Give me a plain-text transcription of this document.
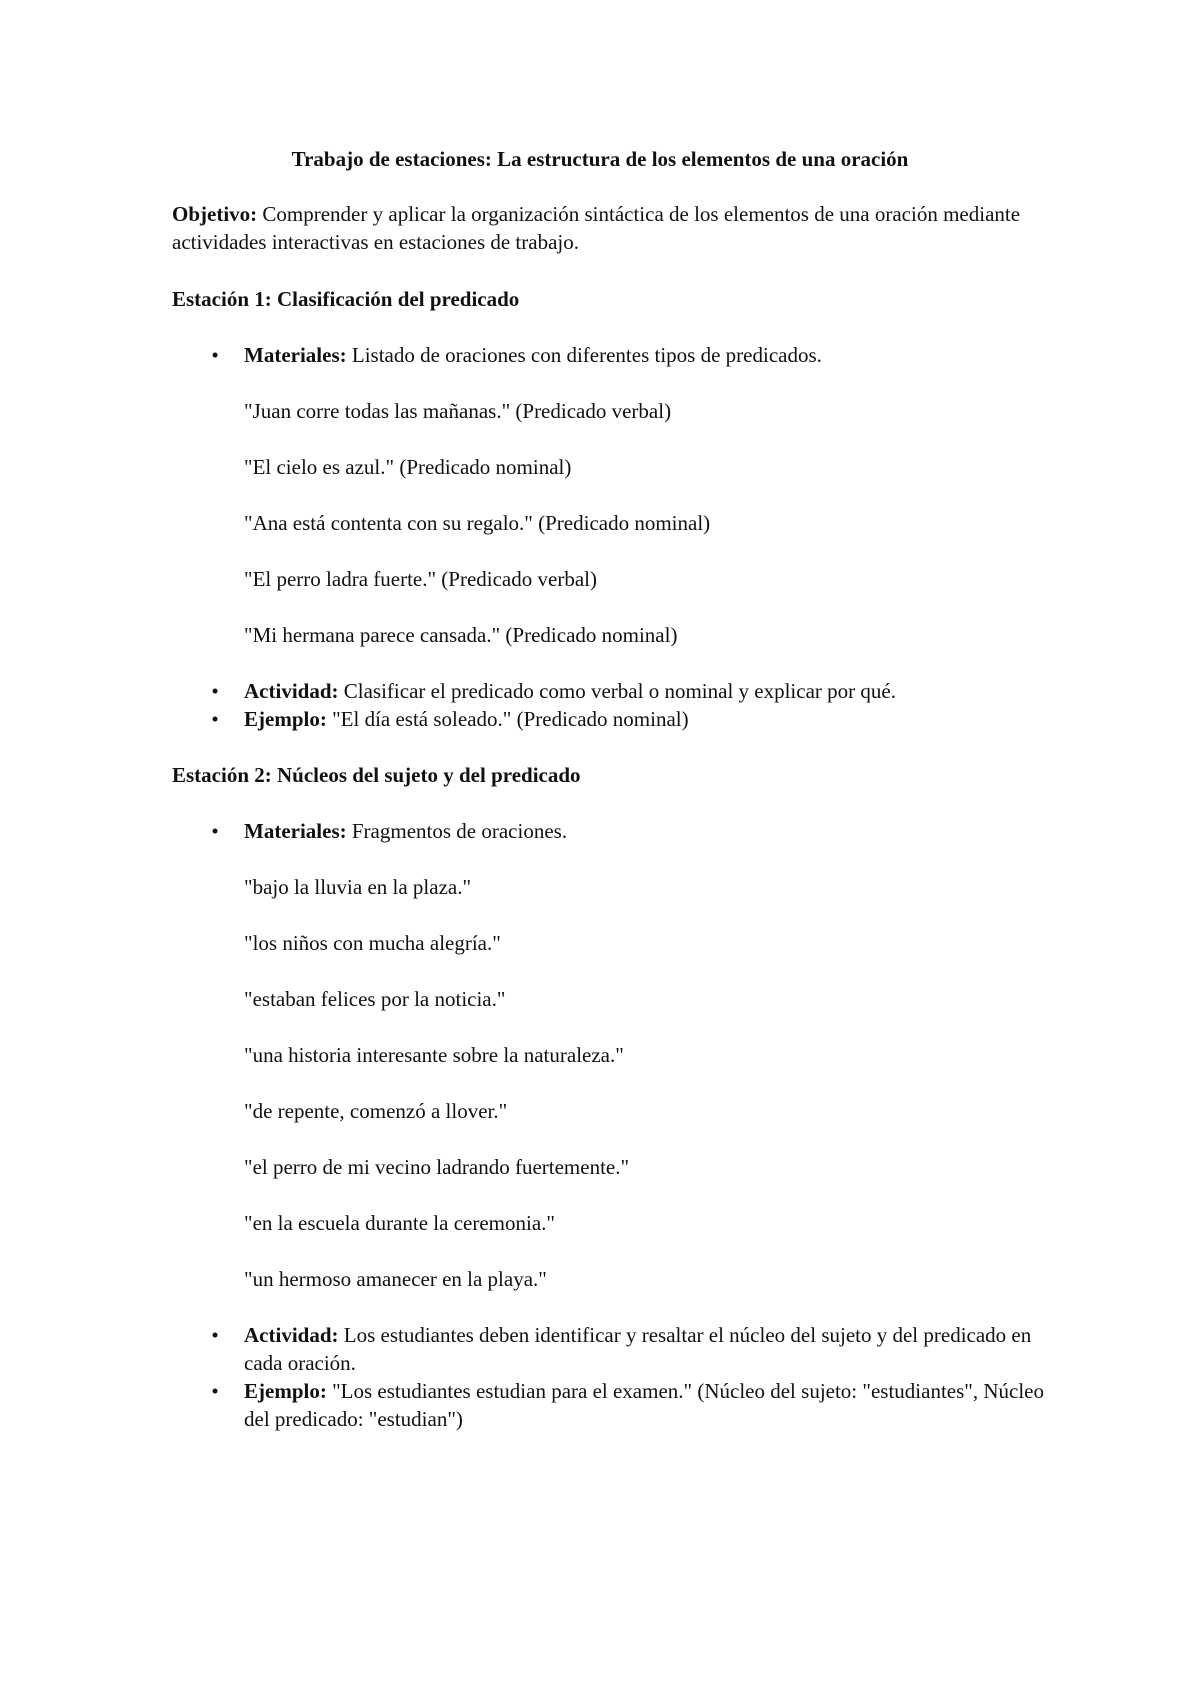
Trabajo de estaciones: La estructura de los elementos de una oración
Objetivo: Comprender y aplicar la organización sintáctica de los elementos de una oración mediante actividades interactivas en estaciones de trabajo.
Estación 1: Clasificación del predicado
• Materiales: Listado de oraciones con diferentes tipos de predicados.
"Juan corre todas las mañanas." (Predicado verbal)
"El cielo es azul." (Predicado nominal)
"Ana está contenta con su regalo." (Predicado nominal)
"El perro ladra fuerte." (Predicado verbal)
"Mi hermana parece cansada." (Predicado nominal)
• Actividad: Clasificar el predicado como verbal o nominal y explicar por qué.
• Ejemplo: "El día está soleado." (Predicado nominal)
Estación 2: Núcleos del sujeto y del predicado
• Materiales: Fragmentos de oraciones.
"bajo la lluvia en la plaza."
"los niños con mucha alegría."
"estaban felices por la noticia."
"una historia interesante sobre la naturaleza."
"de repente, comenzó a llover."
"el perro de mi vecino ladrando fuertemente."
"en la escuela durante la ceremonia."
"un hermoso amanecer en la playa."
• Actividad: Los estudiantes deben identificar y resaltar el núcleo del sujeto y del predicado en cada oración.
• Ejemplo: "Los estudiantes estudian para el examen." (Núcleo del sujeto: "estudiantes", Núcleo del predicado: "estudian")
